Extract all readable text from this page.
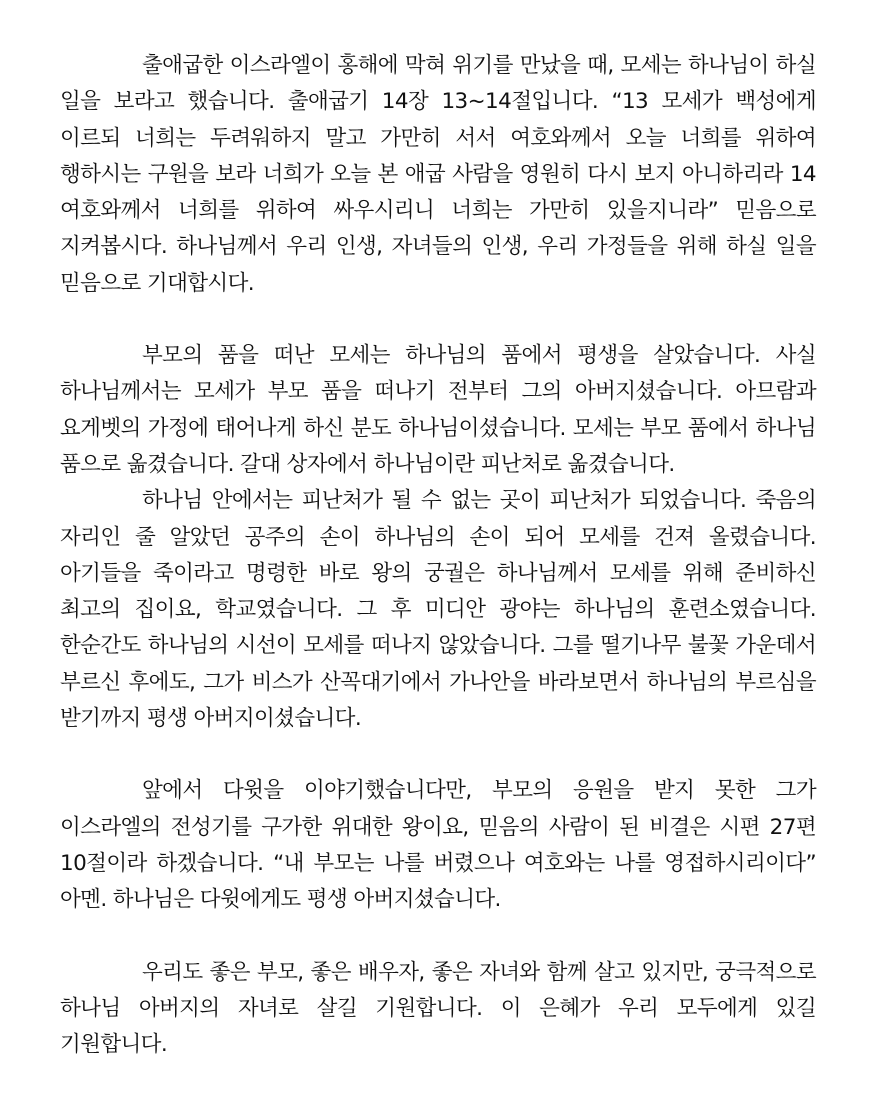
출애굽한 이스라엘이 홍해에 막혀 위기를 만났을 때, 모세는 하나님이 하실 일을 보라고 했습니다. 출애굽기 14장 13~14절입니다. “13 모세가 백성에게 이르되 너희는 두려워하지 말고 가만히 서서 여호와께서 오늘 너희를 위하여 행하시는 구원을 보라 너희가 오늘 본 애굽 사람을 영원히 다시 보지 아니하리라 14 여호와께서 너희를 위하여 싸우시리니 너희는 가만히 있을지니라” 믿음으로 지켜봅시다. 하나님께서 우리 인생, 자녀들의 인생, 우리 가정들을 위해 하실 일을 믿음으로 기대합시다.

부모의 품을 떠난 모세는 하나님의 품에서 평생을 살았습니다. 사실 하나님께서는 모세가 부모 품을 떠나기 전부터 그의 아버지셨습니다. 아므람과 요게벳의 가정에 태어나게 하신 분도 하나님이셨습니다. 모세는 부모 품에서 하나님 품으로 옮겼습니다. 갈대 상자에서 하나님이란 피난처로 옮겼습니다.

하나님 안에서는 피난처가 될 수 없는 곳이 피난처가 되었습니다. 죽음의 자리인 줄 알았던 공주의 손이 하나님의 손이 되어 모세를 건져 올렸습니다. 아기들을 죽이라고 명령한 바로 왕의 궁궐은 하나님께서 모세를 위해 준비하신 최고의 집이요, 학교였습니다. 그 후 미디안 광야는 하나님의 훈련소였습니다. 한순간도 하나님의 시선이 모세를 떠나지 않았습니다. 그를 떨기나무 불꽃 가운데서 부르신 후에도, 그가 비스가 산꼭대기에서 가나안을 바라보면서 하나님의 부르심을 받기까지 평생 아버지이셨습니다.

앞에서 다윗을 이야기했습니다만, 부모의 응원을 받지 못한 그가 이스라엘의 전성기를 구가한 위대한 왕이요, 믿음의 사람이 된 비결은 시편 27편 10절이라 하겠습니다. “내 부모는 나를 버렸으나 여호와는 나를 영접하시리이다” 아멘. 하나님은 다윗에게도 평생 아버지셨습니다.

우리도 좋은 부모, 좋은 배우자, 좋은 자녀와 함께 살고 있지만, 궁극적으로 하나님 아버지의 자녀로 살길 기원합니다. 이 은혜가 우리 모두에게 있길 기원합니다.
